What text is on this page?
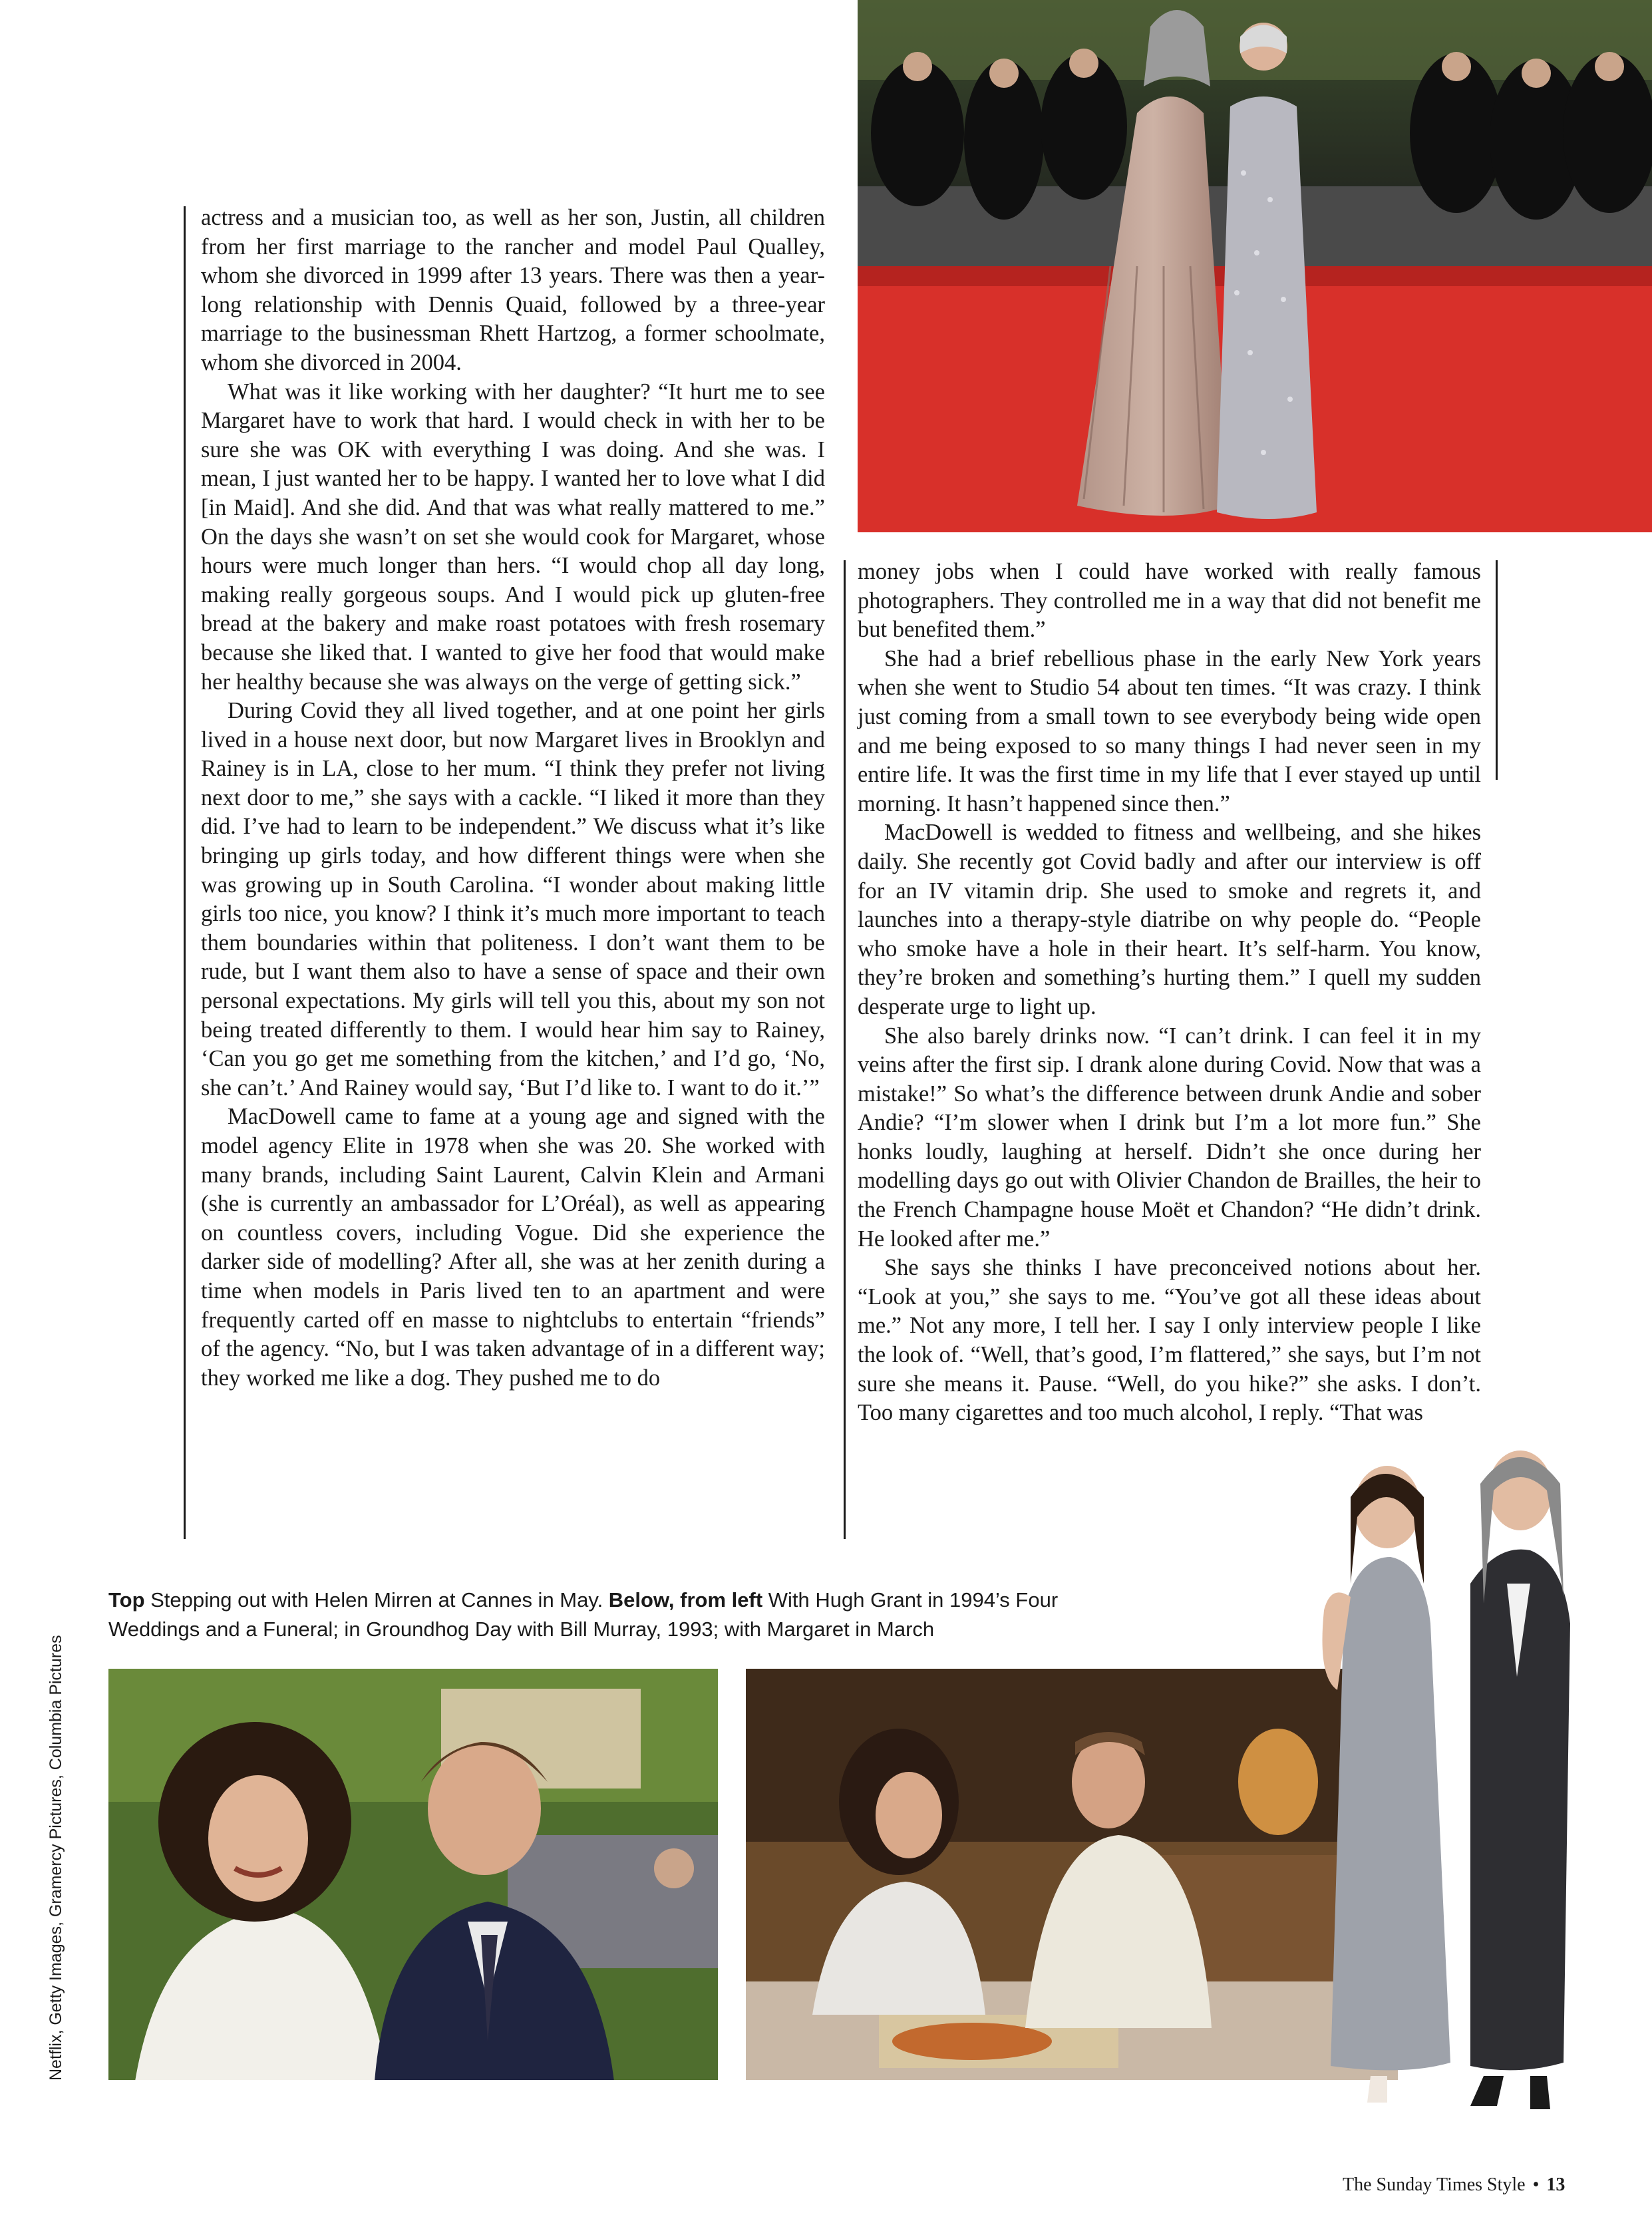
actress and a musician too, as well as her son, Justin, all children from her first marriage to the rancher and model Paul Qualley, whom she divorced in 1999 after 13 years. There was then a year-long relationship with Dennis Quaid, followed by a three-year marriage to the businessman Rhett Hartzog, a former schoolmate, whom she divorced in 2004.

What was it like working with her daughter? “It hurt me to see Margaret have to work that hard. I would check in with her to be sure she was OK with everything I was doing. And she was. I mean, I just wanted her to be happy. I wanted her to love what I did [in Maid]. And she did. And that was what really mattered to me.” On the days she wasn’t on set she would cook for Margaret, whose hours were much longer than hers. “I would chop all day long, making really gorgeous soups. And I would pick up gluten-free bread at the bakery and make roast potatoes with fresh rosemary because she liked that. I wanted to give her food that would make her healthy because she was always on the verge of getting sick.”

During Covid they all lived together, and at one point her girls lived in a house next door, but now Margaret lives in Brooklyn and Rainey is in LA, close to her mum. “I think they prefer not living next door to me,” she says with a cackle. “I liked it more than they did. I’ve had to learn to be independent.” We discuss what it’s like bringing up girls today, and how different things were when she was growing up in South Carolina. “I wonder about making little girls too nice, you know? I think it’s much more important to teach them boundaries within that politeness. I don’t want them to be rude, but I want them also to have a sense of space and their own personal expectations. My girls will tell you this, about my son not being treated differently to them. I would hear him say to Rainey, ‘Can you go get me something from the kitchen,’ and I’d go, ‘No, she can’t.’ And Rainey would say, ‘But I’d like to. I want to do it.’”

MacDowell came to fame at a young age and signed with the model agency Elite in 1978 when she was 20. She worked with many brands, including Saint Laurent, Calvin Klein and Armani (she is currently an ambassador for L’Oréal), as well as appearing on countless covers, including Vogue. Did she experience the darker side of modelling? After all, she was at her zenith during a time when models in Paris lived ten to an apartment and were frequently carted off en masse to nightclubs to entertain “friends” of the agency. “No, but I was taken advantage of in a different way; they worked me like a dog. They pushed me to do

money jobs when I could have worked with really famous photographers. They controlled me in a way that did not benefit me but benefited them.”

She had a brief rebellious phase in the early New York years when she went to Studio 54 about ten times. “It was crazy. I think just coming from a small town to see everybody being wide open and me being exposed to so many things I had never seen in my entire life. It was the first time in my life that I ever stayed up until morning. It hasn’t happened since then.”

MacDowell is wedded to fitness and wellbeing, and she hikes daily. She recently got Covid badly and after our interview is off for an IV vitamin drip. She used to smoke and regrets it, and launches into a therapy-style diatribe on why people do. “People who smoke have a hole in their heart. It’s self-harm. You know, they’re broken and something’s hurting them.” I quell my sudden desperate urge to light up.

She also barely drinks now. “I can’t drink. I can feel it in my veins after the first sip. I drank alone during Covid. Now that was a mistake!” So what’s the difference between drunk Andie and sober Andie? “I’m slower when I drink but I’m a lot more fun.” She honks loudly, laughing at herself. Didn’t she once during her modelling days go out with Olivier Chandon de Brailles, the heir to the French Champagne house Moët et Chandon? “He didn’t drink. He looked after me.”

She says she thinks I have preconceived notions about her. “Look at you,” she says to me. “You’ve got all these ideas about me.” Not any more, I tell her. I say I only interview people I like the look of. “Well, that’s good, I’m flattered,” she says, but I’m not sure she means it. Pause. “Well, do you hike?” she asks. I don’t. Too many cigarettes and too much alcohol, I reply. “That was

Top Stepping out with Helen Mirren at Cannes in May. Below, from left With Hugh Grant in 1994’s Four Weddings and a Funeral; in Groundhog Day with Bill Murray, 1993; with Margaret in March
Netflix, Getty Images, Gramercy Pictures, Columbia Pictures
The Sunday Times Style • 13
